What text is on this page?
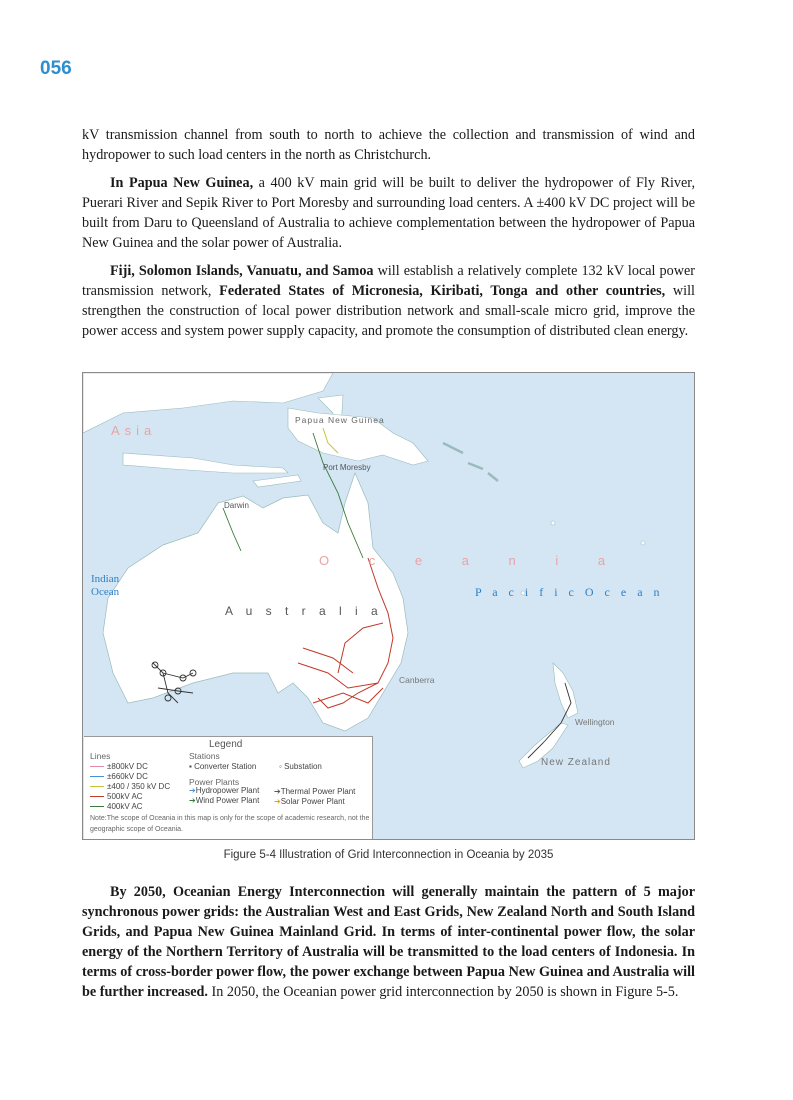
056

kV transmission channel from south to north to achieve the collection and transmission of wind and hydropower to such load centers in the north as Christchurch.

In Papua New Guinea, a 400 kV main grid will be built to deliver the hydropower of Fly River, Puerari River and Sepik River to Port Moresby and surrounding load centers. A ±400 kV DC project will be built from Daru to Queensland of Australia to achieve complementation between the hydropower of Papua New Guinea and the solar power of Australia.

Fiji, Solomon Islands, Vanuatu, and Samoa will establish a relatively complete 132 kV local power transmission network, Federated States of Micronesia, Kiribati, Tonga and other countries, will strengthen the construction of local power distribution network and small-scale micro grid, improve the power access and system power supply capacity, and promote the consumption of distributed clean energy.

Asia
Papua New Guinea
Port Moresby
Darwin
O c e a n i a
Indian
Ocean	P a c i f i c O c e a n
A u s t r a l i a
Canberra
Wellington
New Zealand
Legend
Lines	Stations
±800kV DC
±660kV DC
±400 / 350 kV DC
500kV AC
400kV AC
▪ Converter Station	◦ Substation
Power Plants
➔Hydropower Plant ➔Thermal Power Plant
➔Wind Power Plant ➔Solar Power Plant
Note:The scope of Oceania in this map is only for the scope of academic research, not the geographic scope of Oceania.
Figure 5-4 Illustration of Grid Interconnection in Oceania by 2035

By 2050, Oceanian Energy Interconnection will generally maintain the pattern of 5 major synchronous power grids: the Australian West and East Grids, New Zealand North and South Island Grids, and Papua New Guinea Mainland Grid. In terms of inter-continental power flow, the solar energy of the Northern Territory of Australia will be transmitted to the load centers of Indonesia. In terms of cross-border power flow, the power exchange between Papua New Guinea and Australia will be further increased. In 2050, the Oceanian power grid interconnection by 2050 is shown in Figure 5-5.
